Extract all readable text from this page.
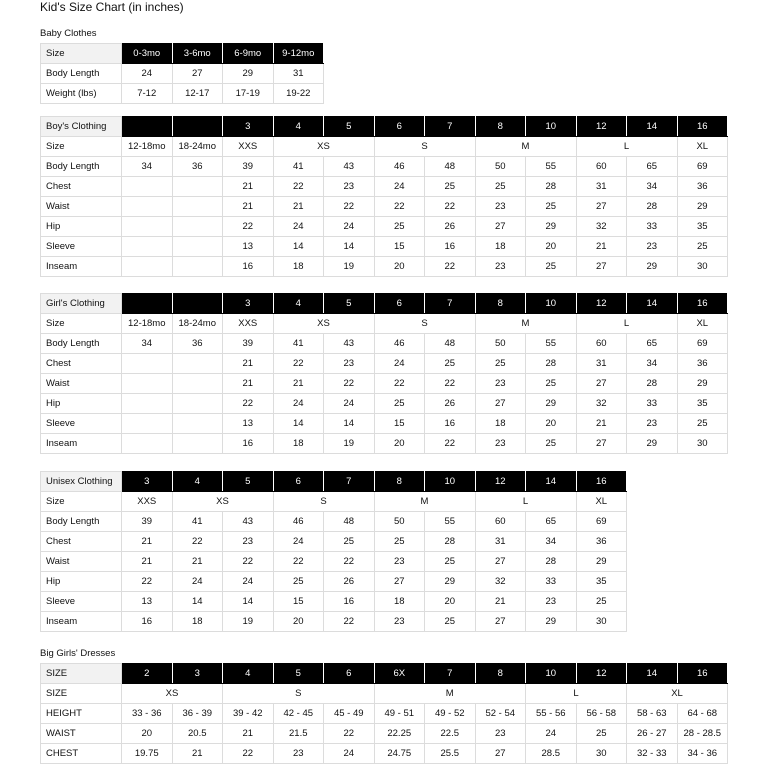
Kid's Size Chart (in inches)
Baby Clothes
Size	0-3mo	3-6mo	6-9mo	9-12mo
Body Length	24	27	29	31
Weight (lbs)	7-12	12-17	17-19	19-22
Boy's Clothing			3	4	5	6	7	8	10	12	14	16
Size	12-18mo	18-24mo	XXS	XS		S		M		L		XL
Body Length	34	36	39	41	43	46	48	50	55	60	65	69
Chest			21	22	23	24	25	25	28	31	34	36
Waist			21	21	22	22	22	23	25	27	28	29
Hip			22	24	24	25	26	27	29	32	33	35
Sleeve			13	14	14	15	16	18	20	21	23	25
Inseam			16	18	19	20	22	23	25	27	29	30
Girl's Clothing			3	4	5	6	7	8	10	12	14	16
Size	12-18mo	18-24mo	XXS	XS		S		M		L		XL
Body Length	34	36	39	41	43	46	48	50	55	60	65	69
Chest			21	22	23	24	25	25	28	31	34	36
Waist			21	21	22	22	22	23	25	27	28	29
Hip			22	24	24	25	26	27	29	32	33	35
Sleeve			13	14	14	15	16	18	20	21	23	25
Inseam			16	18	19	20	22	23	25	27	29	30
Unisex Clothing	3	4	5	6	7	8	10	12	14	16
Size	XXS	XS		S		M		L		XL
Body Length	39	41	43	46	48	50	55	60	65	69
Chest	21	22	23	24	25	25	28	31	34	36
Waist	21	21	22	22	22	23	25	27	28	29
Hip	22	24	24	25	26	27	29	32	33	35
Sleeve	13	14	14	15	16	18	20	21	23	25
Inseam	16	18	19	20	22	23	25	27	29	30
Big Girls' Dresses
SIZE	2	3	4	5	6	6X	7	8	10	12	14	16
SIZE	XS		S			M			L		XL	
HEIGHT	33 - 36	36 - 39	39 - 42	42 - 45	45 - 49	49 - 51	49 - 52	52 - 54	55 - 56	56 - 58	58 - 63	64 - 68
WAIST	20	20.5	21	21.5	22	22.25	22.5	23	24	25	26 - 27	28 - 28.5
CHEST	19.75	21	22	23	24	24.75	25.5	27	28.5	30	32 - 33	34 - 36
